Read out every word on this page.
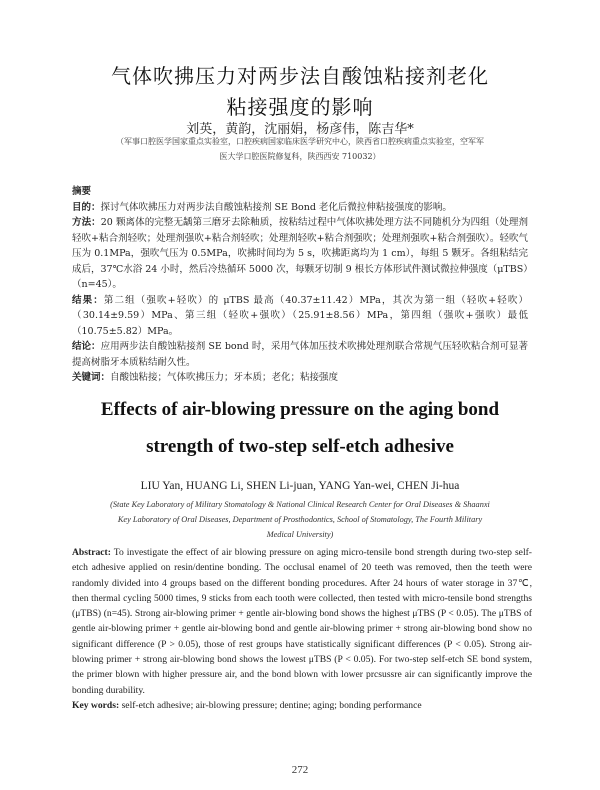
气体吹拂压力对两步法自酸蚀粘接剂老化
粘接强度的影响
刘英，黄韵，沈丽娟，杨彦伟，陈吉华*
（军事口腔医学国家重点实验室，口腔疾病国家临床医学研究中心，陕西省口腔疾病重点实验室，空军军
医大学口腔医院修复科，陕西西安 710032）

摘要

目的：探讨气体吹拂压力对两步法自酸蚀粘接剂 SE Bond 老化后微拉伸粘接强度的影响。

方法：20 颗离体的完整无龋第三磨牙去除釉质，按粘结过程中气体吹拂处理方法不同随机分为四组（处理剂轻吹+粘合剂轻吹；处理剂强吹+粘合剂轻吹；处理剂轻吹+粘合剂强吹；处理剂强吹+粘合剂强吹）。轻吹气压为 0.1MPa，强吹气压为 0.5MPa，吹拂时间均为 5 s，吹拂距离均为 1 cm），每组 5 颗牙。各组粘结完成后，37℃水浴 24 小时，然后冷热循环 5000 次，每颗牙切制 9 根长方体形试件测试微拉伸强度（μTBS）（n=45）。

结果：第二组（强吹+轻吹）的 μTBS 最高（40.37±11.42）MPa，其次为第一组（轻吹+轻吹）（30.14±9.59）MPa、第三组（轻吹+强吹）（25.91±8.56）MPa，第四组（强吹+强吹）最低（10.75±5.82）MPa。

结论：应用两步法自酸蚀粘接剂 SE bond 时，采用气体加压技术吹拂处理剂联合常规气压轻吹粘合剂可显著提高树脂牙本质粘结耐久性。

关键词：自酸蚀粘接；气体吹拂压力；牙本质；老化；粘接强度

Effects of air-blowing pressure on the aging bond
strength of two-step self-etch adhesive
LIU Yan, HUANG Li, SHEN Li-juan, YANG Yan-wei, CHEN Ji-hua
(State Key Laboratory of Military Stomatology & National Clinical Research Center for Oral Diseases & Shaanxi
Key Laboratory of Oral Diseases, Department of Prosthodontics, School of Stomatology, The Fourth Military
Medical University)

Abstract: To investigate the effect of air blowing pressure on aging micro-tensile bond strength during two-step self-etch adhesive applied on resin/dentine bonding. The occlusal enamel of 20 teeth was removed, then the teeth were randomly divided into 4 groups based on the different bonding procedures. After 24 hours of water storage in 37℃, then thermal cycling 5000 times, 9 sticks from each tooth were collected, then tested with micro-tensile bond strengths (μTBS) (n=45). Strong air-blowing primer + gentle air-blowing bond shows the highest μTBS (P < 0.05). The μTBS of gentle air-blowing primer + gentle air-blowing bond and gentle air-blowing primer + strong air-blowing bond show no significant difference (P > 0.05), those of rest groups have statistically significant differences (P < 0.05). Strong air-blowing primer + strong air-blowing bond shows the lowest μTBS (P < 0.05). For two-step self-etch SE bond system, the primer blown with higher pressure air, and the bond blown with lower prcsussre air can significantly improve the bonding durability.

Key words: self-etch adhesive; air-blowing pressure; dentine; aging; bonding performance

272
